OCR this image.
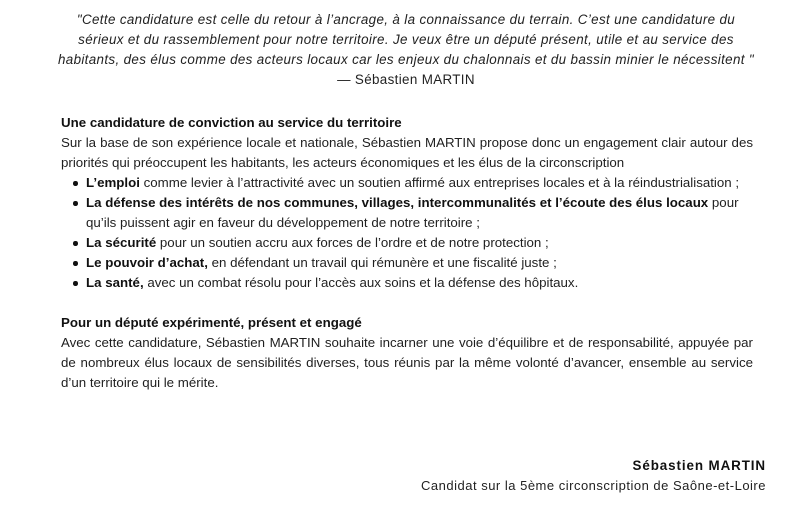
"Cette candidature est celle du retour à l’ancrage, à la connaissance du terrain. C’est une candidature du sérieux et du rassemblement pour notre territoire. Je veux être un député présent, utile et au service des habitants, des élus comme des acteurs locaux car les enjeux du chalonnais et du bassin minier le nécessitent " — Sébastien MARTIN

Une candidature de conviction au service du territoire

Sur la base de son expérience locale et nationale, Sébastien MARTIN propose donc un engagement clair autour des priorités qui préoccupent les habitants, les acteurs économiques et les élus de la circonscription

L’emploi comme levier à l’attractivité avec un soutien affirmé aux entreprises locales et à la réindustrialisation ;
La défense des intérêts de nos communes, villages, intercommunalités et l’écoute des élus locaux pour qu’ils puissent agir en faveur du développement de notre territoire ;
La sécurité pour un soutien accru aux forces de l’ordre et de notre protection ;
Le pouvoir d’achat, en défendant un travail qui rémunère et une fiscalité juste ;
La santé, avec un combat résolu pour l’accès aux soins et la défense des hôpitaux.

Pour un député expérimenté, présent et engagé

Avec cette candidature, Sébastien MARTIN souhaite incarner une voie d’équilibre et de responsabilité, appuyée par de nombreux élus locaux de sensibilités diverses, tous réunis par la même volonté d’avancer, ensemble au service d’un territoire qui le mérite.

Sébastien MARTIN
Candidat sur la 5ème circonscription de Saône-et-Loire
